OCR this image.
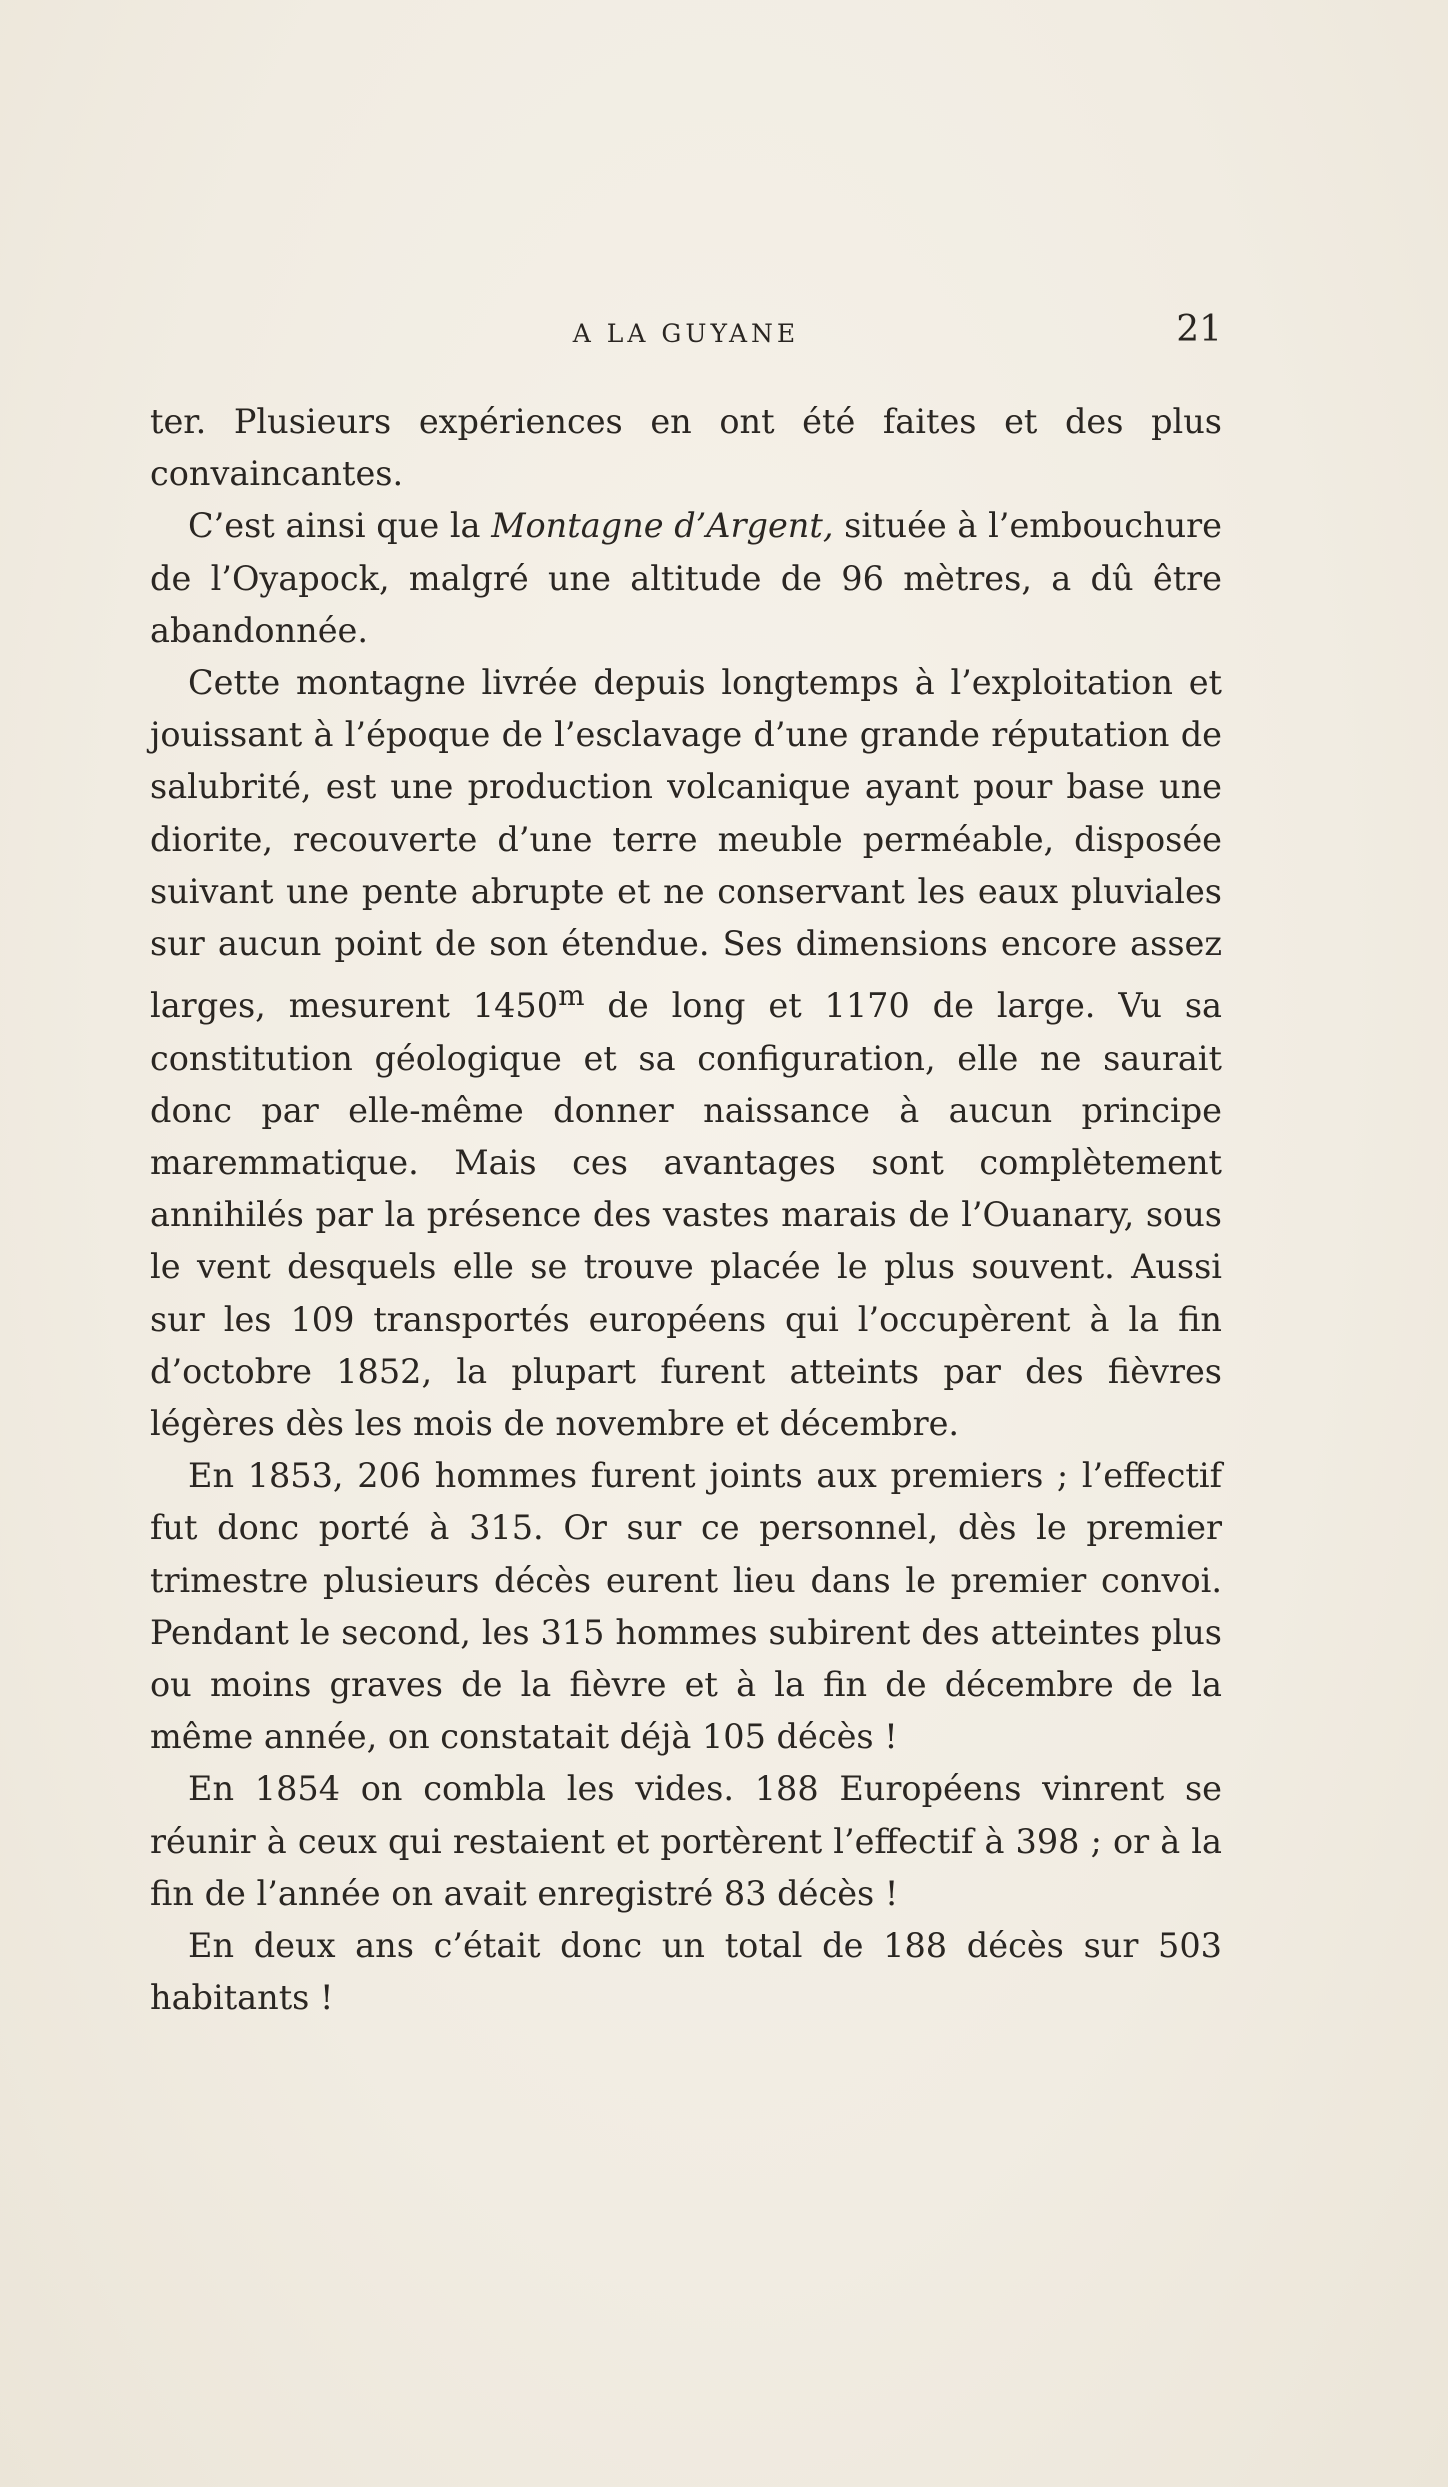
A LA GUYANE	21

ter. Plusieurs expériences en ont été faites et des plus convaincantes.

C’est ainsi que la Montagne d’Argent, située à l’embouchure de l’Oyapock, malgré une altitude de 96 mètres, a dû être abandonnée.

Cette montagne livrée depuis longtemps à l’exploitation et jouissant à l’époque de l’esclavage d’une grande réputation de salubrité, est une production volcanique ayant pour base une diorite, recouverte d’une terre meuble perméable, disposée suivant une pente abrupte et ne conservant les eaux pluviales sur aucun point de son étendue. Ses dimensions encore assez larges, mesurent 1450$^m$ de long et 1170 de large. Vu sa constitution géologique et sa configuration, elle ne saurait donc par elle-même donner naissance à aucun principe maremmatique. Mais ces avantages sont complètement annihilés par la présence des vastes marais de l’Ouanary, sous le vent desquels elle se trouve placée le plus souvent. Aussi sur les 109 transportés européens qui l’occupèrent à la fin d’octobre 1852, la plupart furent atteints par des fièvres légères dès les mois de novembre et décembre.

En 1853, 206 hommes furent joints aux premiers ; l’effectif fut donc porté à 315. Or sur ce personnel, dès le premier trimestre plusieurs décès eurent lieu dans le premier convoi. Pendant le second, les 315 hommes subirent des atteintes plus ou moins graves de la fièvre et à la fin de décembre de la même année, on constatait déjà 105 décès !

En 1854 on combla les vides. 188 Européens vinrent se réunir à ceux qui restaient et portèrent l’effectif à 398 ; or à la fin de l’année on avait enregistré 83 décès !

En deux ans c’était donc un total de 188 décès sur 503 habitants !
